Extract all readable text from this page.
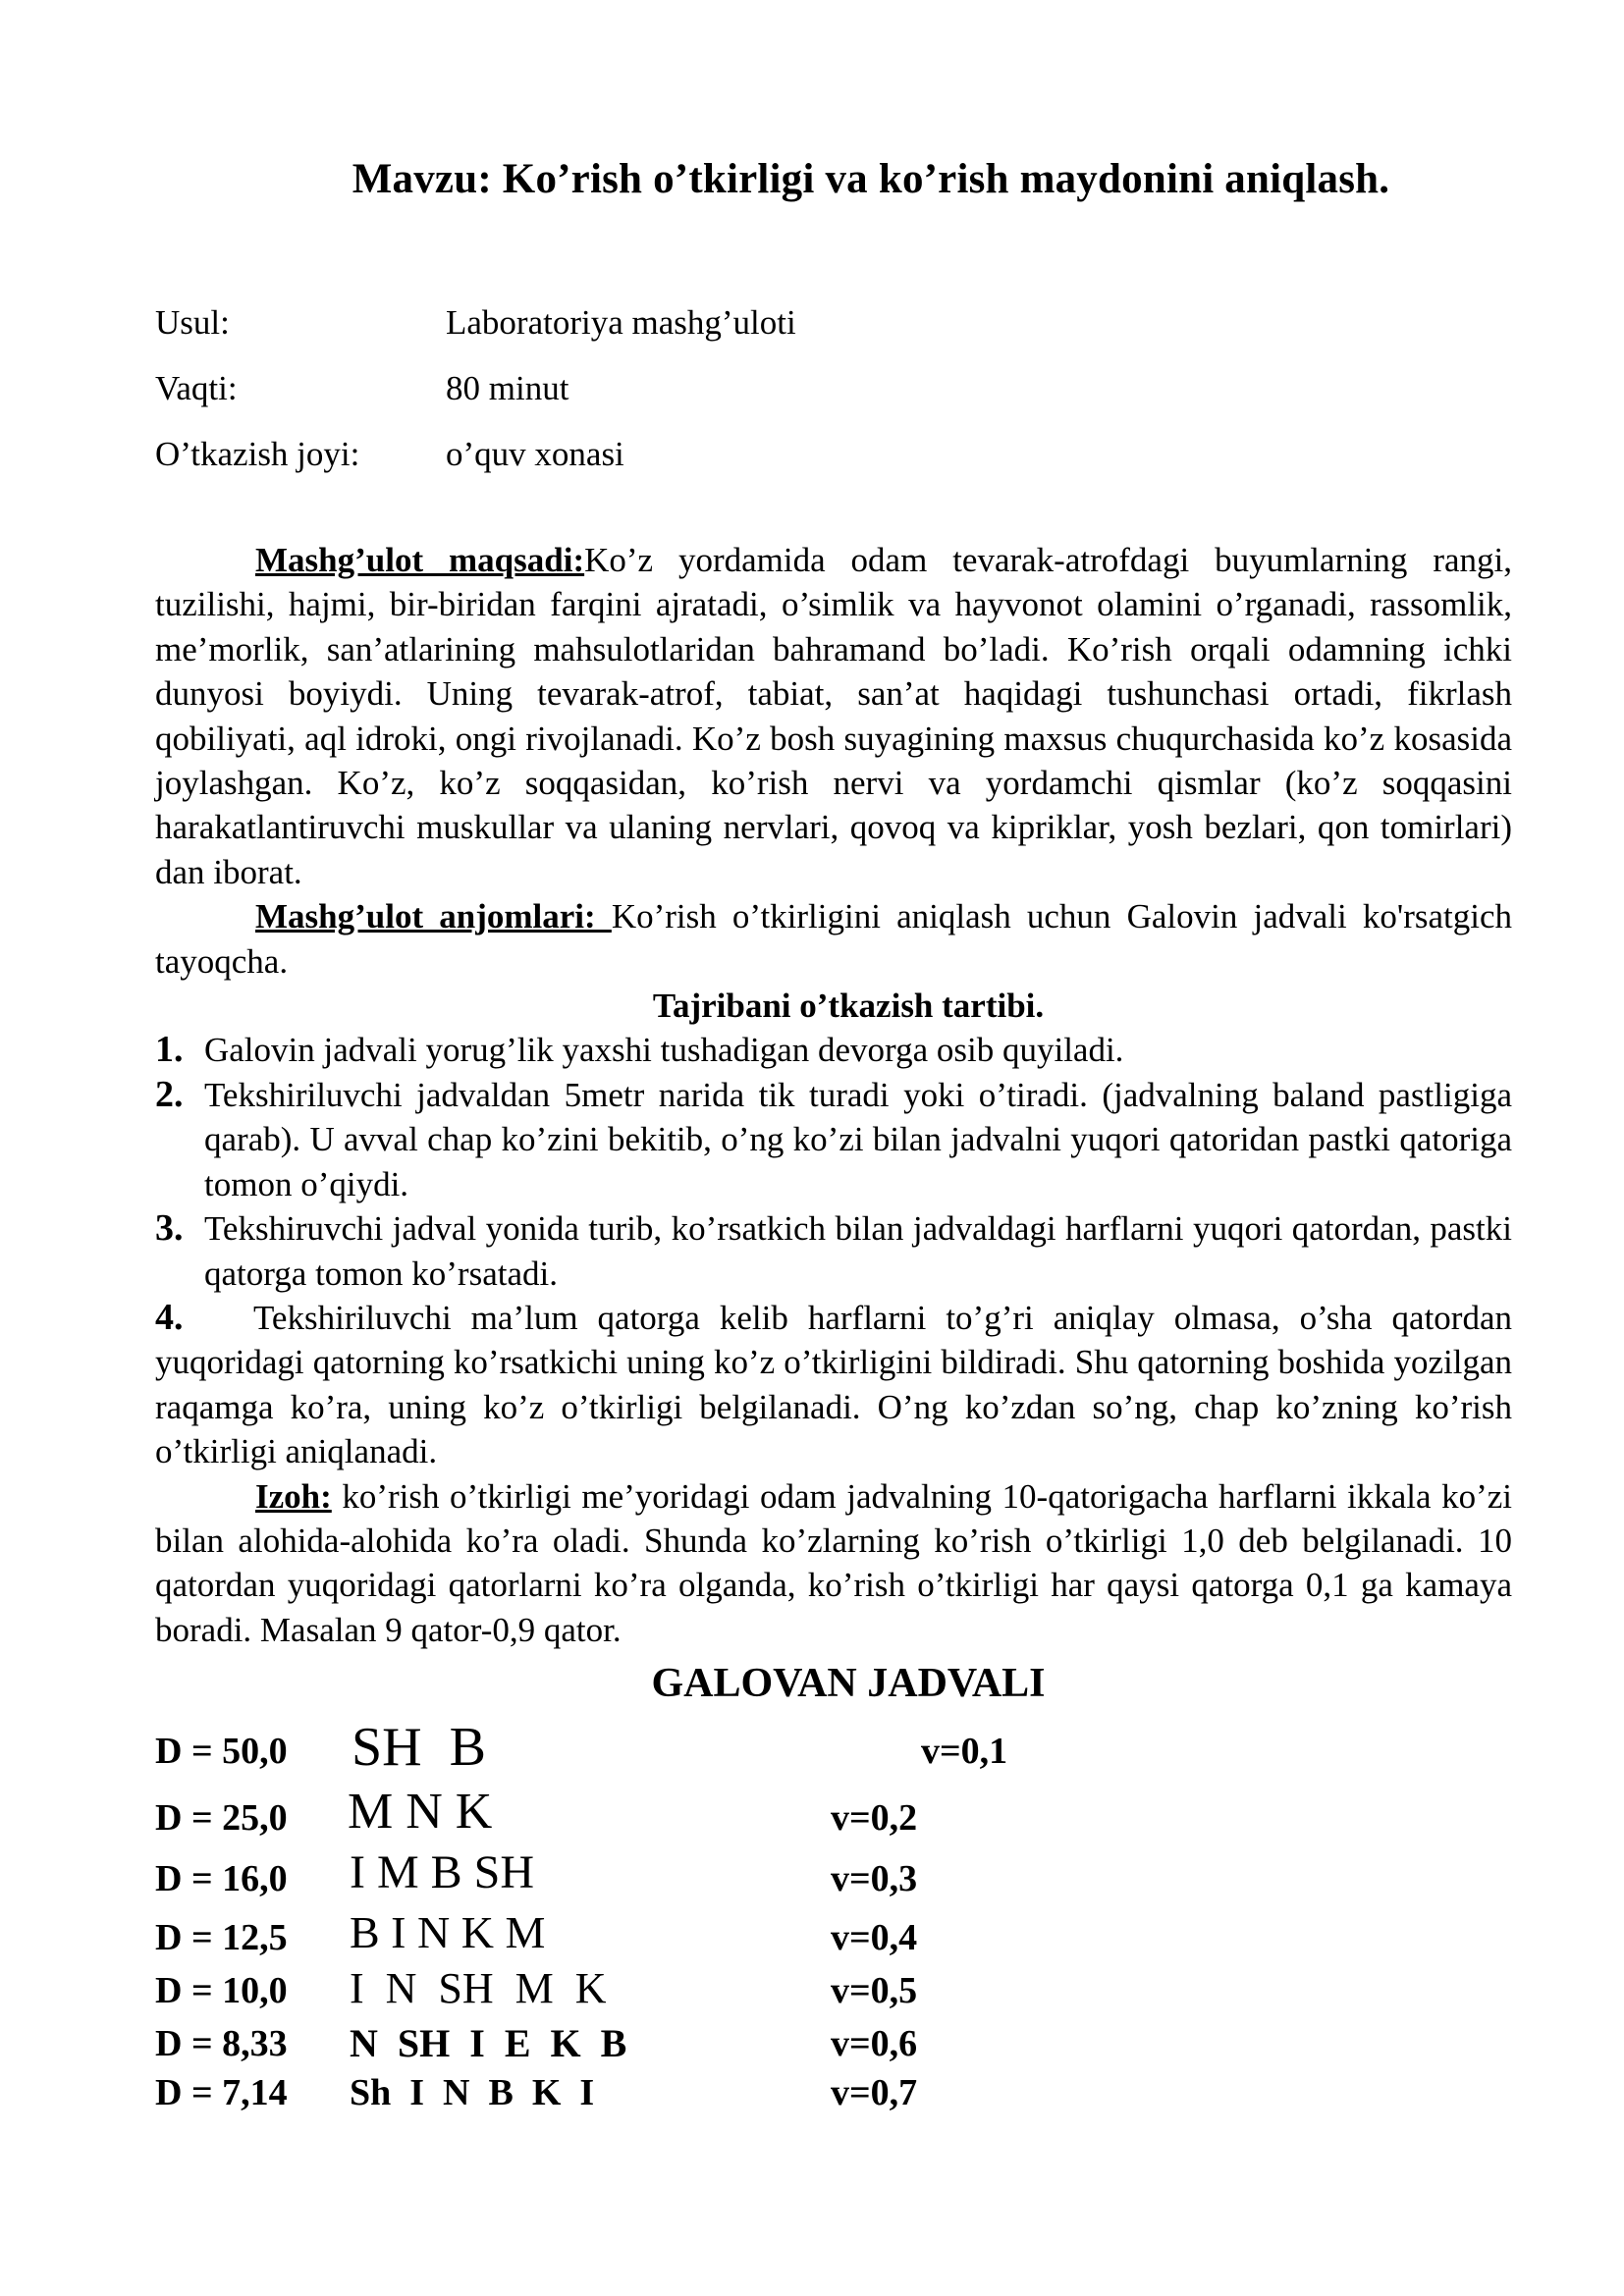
Mavzu: Ko’rish o’tkirligi va ko’rish maydonini aniqlash.
Usul:	Laboratoriya mashg’uloti
Vaqti:	80 minut
O’tkazish joyi:	o’quv xonasi

Mashg’ulot maqsadi:Ko’z yordamida odam tevarak-atrofdagi buyumlarning rangi, tuzilishi, hajmi, bir-biridan farqini ajratadi, o’simlik va hayvonot olamini o’rganadi, rassomlik, me’morlik, san’atlarining mahsulotlaridan bahramand bo’ladi. Ko’rish orqali odamning ichki dunyosi boyiydi. Uning tevarak-atrof, tabiat, san’at haqidagi tushunchasi ortadi, fikrlash qobiliyati, aql idroki, ongi rivojlanadi. Ko’z bosh suyagining maxsus chuqurchasida ko’z kosasida joylashgan. Ko’z, ko’z soqqasidan, ko’rish nervi va yordamchi qismlar (ko’z soqqasini harakatlantiruvchi muskullar va ulaning nervlari, qovoq va kipriklar, yosh bezlari, qon tomirlari) dan iborat.

Mashg’ulot anjomlari: Ko’rish o’tkirligini aniqlash uchun Galovin jadvali ko'rsatgich tayoqcha.

Tajribani o’tkazish tartibi.

1. Galovin jadvali yorug’lik yaxshi tushadigan devorga osib quyiladi.
2. Tekshiriluvchi jadvaldan 5metr narida tik turadi yoki o’tiradi. (jadvalning baland pastligiga qarab). U avval chap ko’zini bekitib, o’ng ko’zi bilan jadvalni yuqori qatoridan pastki qatoriga tomon o’qiydi.
3. Tekshiruvchi jadval yonida turib, ko’rsatkich bilan jadvaldagi harflarni yuqori qatordan, pastki qatorga tomon ko’rsatadi.
4. Tekshiriluvchi ma’lum qatorga kelib harflarni to’g’ri aniqlay olmasa, o’sha qatordan yuqoridagi qatorning ko’rsatkichi uning ko’z o’tkirligini bildiradi. Shu qatorning boshida yozilgan raqamga ko’ra, uning ko’z o’tkirligi belgilanadi. O’ng ko’zdan so’ng, chap ko’zning ko’rish o’tkirligi aniqlanadi.

Izoh: ko’rish o’tkirligi me’yoridagi odam jadvalning 10-qatorigacha harflarni ikkala ko’zi bilan alohida-alohida ko’ra oladi. Shunda ko’zlarning ko’rish o’tkirligi 1,0 deb belgilanadi. 10 qatordan yuqoridagi qatorlarni ko’ra olganda, ko’rish o’tkirligi har qaysi qatorga 0,1 ga kamaya boradi. Masalan 9 qator-0,9 qator.

GALOVAN JADVALI

D = 50,0 SH  B	v=0,1
D = 25,0 M N K	v=0,2
D = 16,0 I M B SH	v=0,3
D = 12,5 B I N K M	v=0,4
D = 10,0 I  N  SH  M  K	v=0,5
D = 8,33 N  SH  I  E  K  B	v=0,6
D = 7,14 Sh  I  N  B  K  I	v=0,7
